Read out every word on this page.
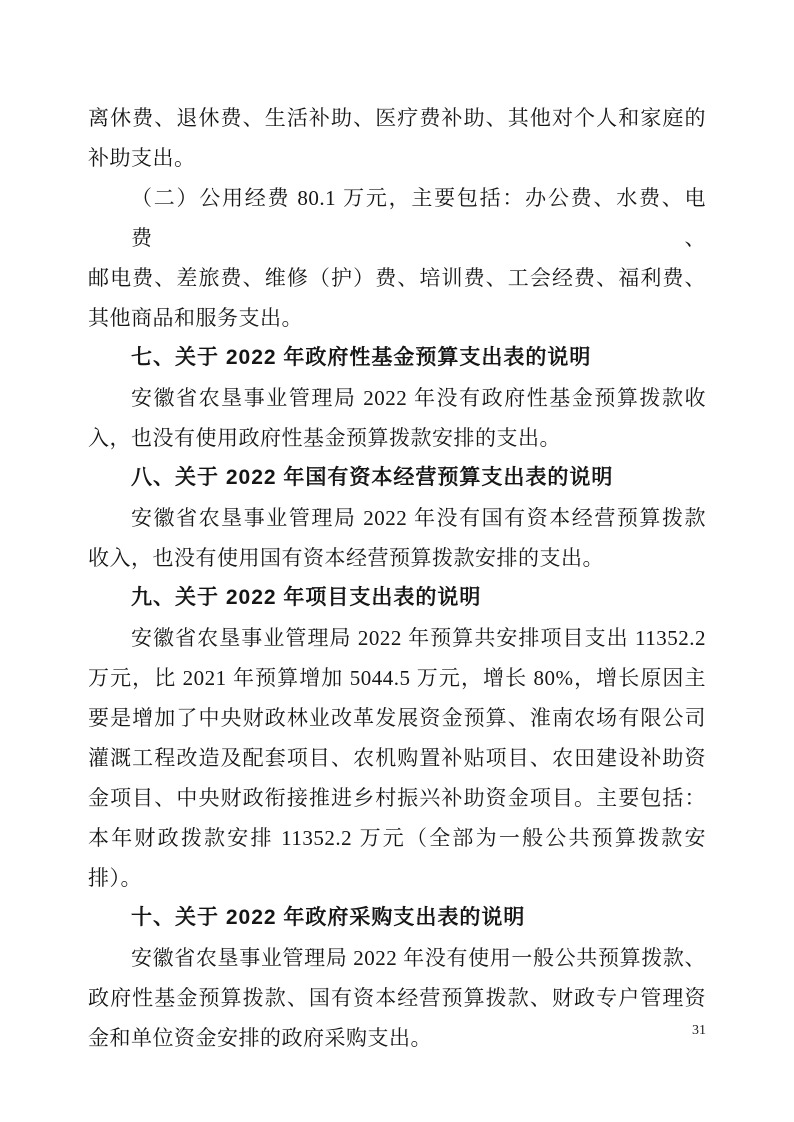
离休费、退休费、生活补助、医疗费补助、其他对个人和家庭的
补助支出。
（二）公用经费 80.1 万元，主要包括：办公费、水费、电费、
邮电费、差旅费、维修（护）费、培训费、工会经费、福利费、
其他商品和服务支出。
七、关于 2022 年政府性基金预算支出表的说明
安徽省农垦事业管理局 2022 年没有政府性基金预算拨款收
入，也没有使用政府性基金预算拨款安排的支出。
八、关于 2022 年国有资本经营预算支出表的说明
安徽省农垦事业管理局 2022 年没有国有资本经营预算拨款
收入，也没有使用国有资本经营预算拨款安排的支出。
九、关于 2022 年项目支出表的说明
安徽省农垦事业管理局 2022 年预算共安排项目支出 11352.2
万元，比 2021 年预算增加 5044.5 万元，增长 80%，增长原因主
要是增加了中央财政林业改革发展资金预算、淮南农场有限公司
灌溉工程改造及配套项目、农机购置补贴项目、农田建设补助资
金项目、中央财政衔接推进乡村振兴补助资金项目。主要包括：
本年财政拨款安排 11352.2 万元（全部为一般公共预算拨款安
排）。
十、关于 2022 年政府采购支出表的说明
安徽省农垦事业管理局 2022 年没有使用一般公共预算拨款、
政府性基金预算拨款、国有资本经营预算拨款、财政专户管理资
金和单位资金安排的政府采购支出。	31
